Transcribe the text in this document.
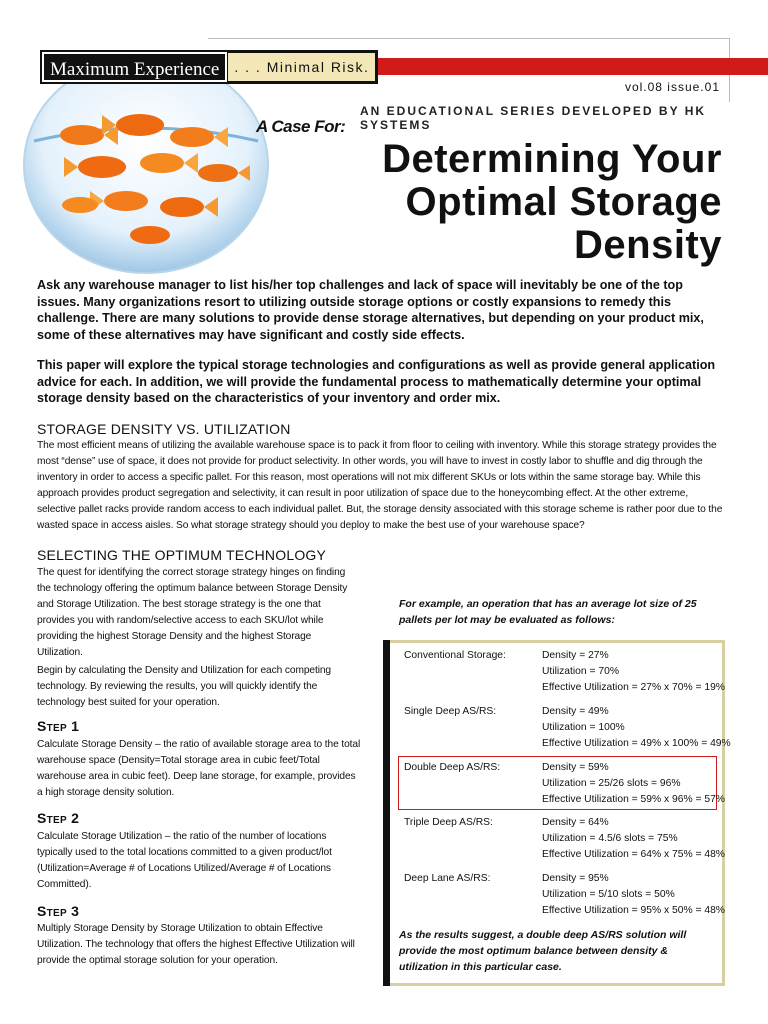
Maximum Experience	. . . Minimal Risk.
vol.08 issue.01
AN EDUCATIONAL SERIES DEVELOPED BY HK SYSTEMS
A Case For:
Determining Your
Optimal Storage
Density

Ask any warehouse manager to list his/her top challenges and lack of space will inevitably be one of the top issues. Many organizations resort to utilizing outside storage options or costly expansions to remedy this challenge. There are many solutions to provide dense storage alternatives, but depending on your product mix, some of these alternatives may have significant and costly side effects.

This paper will explore the typical storage technologies and configurations as well as provide general application advice for each. In addition, we will provide the fundamental process to mathematically determine your optimal storage density based on the characteristics of your inventory and order mix.

STORAGE DENSITY VS. UTILIZATION

The most efficient means of utilizing the available warehouse space is to pack it from floor to ceiling with inventory. While this storage strategy provides the most “dense” use of space, it does not provide for product selectivity. In other words, you will have to invest in costly labor to shuffle and dig through the inventory in order to access a specific pallet. For this reason, most operations will not mix different SKUs or lots within the same storage bay. While this approach provides product segregation and selectivity, it can result in poor utilization of space due to the honeycombing effect. At the other extreme, selective pallet racks provide random access to each individual pallet. But, the storage density associated with this storage scheme is rather poor due to the wasted space in access aisles. So what storage strategy should you deploy to make the best use of your warehouse space?

SELECTING THE OPTIMUM TECHNOLOGY

The quest for identifying the correct storage strategy hinges on finding the technology offering the optimum balance between Storage Density and Storage Utilization. The best storage strategy is the one that provides you with random/selective access to each SKU/lot while providing the highest Storage Density and the highest Storage Utilization.

Begin by calculating the Density and Utilization for each competing technology. By reviewing the results, you will quickly identify the technology best suited for your operation.

Step 1

Calculate Storage Density – the ratio of available storage area to the total warehouse space (Density=Total storage area in cubic feet/Total warehouse area in cubic feet). Deep lane storage, for example, provides a high storage density solution.

Step 2

Calculate Storage Utilization – the ratio of the number of locations typically used to the total locations committed to a given product/lot (Utilization=Average # of Locations Utilized/Average # of Locations Committed).

Step 3

Multiply Storage Density by Storage Utilization to obtain Effective Utilization. The technology that offers the highest Effective Utilization will provide the optimal storage solution for your operation.

For example, an operation that has an average lot size of 25 pallets per lot may be evaluated as follows:

Conventional Storage:	Density = 27%
Utilization = 70%
Effective Utilization = 27% x 70% = 19%
Single Deep AS/RS:	Density = 49%
Utilization = 100%
Effective Utilization = 49% x 100% = 49%
Double Deep AS/RS:	Density = 59%
Utilization = 25/26 slots = 96%
Effective Utilization = 59% x 96% = 57%
Triple Deep AS/RS:	Density = 64%
Utilization = 4.5/6 slots = 75%
Effective Utilization = 64% x 75% = 48%
Deep Lane AS/RS:	Density = 95%
Utilization = 5/10 slots = 50%
Effective Utilization = 95% x 50% = 48%

As the results suggest, a double deep AS/RS solution will provide the most optimum balance between density & utilization in this particular case.
